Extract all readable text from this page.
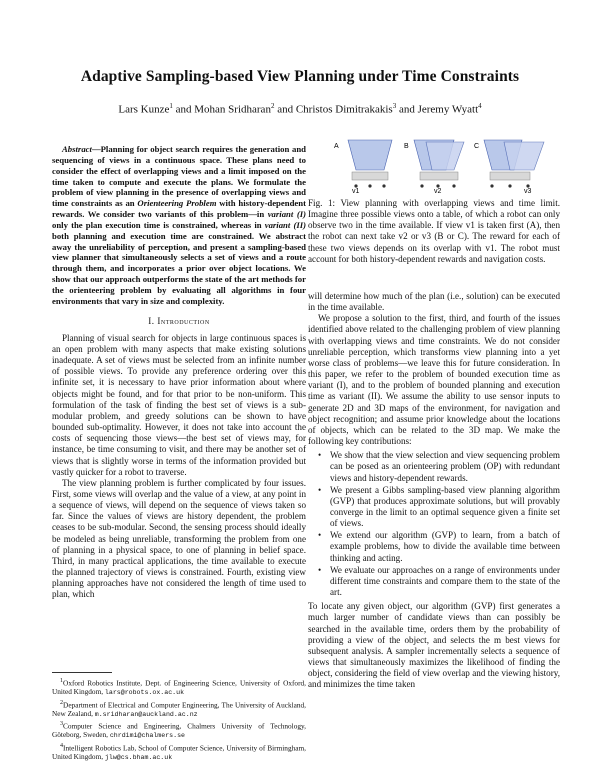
Adaptive Sampling-based View Planning under Time Constraints
Lars Kunze$^1$ and Mohan Sridharan$^2$ and Christos Dimitrakakis$^3$ and Jeremy Wyatt$^4$
Abstract—Planning for object search requires the generation and sequencing of views in a continuous space. These plans need to consider the effect of overlapping views and a limit imposed on the time taken to compute and execute the plans. We formulate the problem of view planning in the presence of overlapping views and time constraints as an Orienteering Problem with history-dependent rewards. We consider two variants of this problem—in variant (I) only the plan execution time is constrained, whereas in variant (II) both planning and execution time are constrained. We abstract away the unreliability of perception, and present a sampling-based view planner that simultaneously selects a set of views and a route through them, and incorporates a prior over object locations. We show that our approach outperforms the state of the art methods for the orienteering problem by evaluating all algorithms in four environments that vary in size and complexity.
I. Introduction

Planning of visual search for objects in large continuous spaces is an open problem with many aspects that make existing solutions inadequate. A set of views must be selected from an infinite number of possible views. To provide any preference ordering over this infinite set, it is necessary to have prior information about where objects might be found, and for that prior to be non-uniform. This formulation of the task of finding the best set of views is a sub-modular problem, and greedy solutions can be shown to have bounded sub-optimality. However, it does not take into account the costs of sequencing those views—the best set of views may, for instance, be time consuming to visit, and there may be another set of views that is slightly worse in terms of the information provided but vastly quicker for a robot to traverse.

The view planning problem is further complicated by four issues. First, some views will overlap and the value of a view, at any point in a sequence of views, will depend on the sequence of views taken so far. Since the values of views are history dependent, the problem ceases to be sub-modular. Second, the sensing process should ideally be modeled as being unreliable, transforming the problem from one of planning in a physical space, to one of planning in belief space. Third, in many practical applications, the time available to execute the planned trajectory of views is constrained. Fourth, existing view planning approaches have not considered the length of time used to plan, which

$^1$Oxford Robotics Institute, Dept. of Engineering Science, University of Oxford, United Kingdom, lars@robots.ox.ac.uk
$^2$Department of Electrical and Computer Engineering, The University of Auckland, New Zealand, m.sridharan@auckland.ac.nz
$^3$Computer Science and Engineering, Chalmers University of Technology, Göteborg, Sweden, chrdimi@chalmers.se
$^4$Intelligent Robotics Lab, School of Computer Science, University of Birmingham, United Kingdom, jlw@cs.bham.ac.uk
A
v1
B
v2
C
v3
Fig. 1: View planning with overlapping views and time limit. Imagine three possible views onto a table, of which a robot can only observe two in the time available. If view v1 is taken first (A), then the robot can next take v2 or v3 (B or C). The reward for each of these two views depends on its overlap with v1. The robot must account for both history-dependent rewards and navigation costs.

will determine how much of the plan (i.e., solution) can be executed in the time available.

We propose a solution to the first, third, and fourth of the issues identified above related to the challenging problem of view planning with overlapping views and time constraints. We do not consider unreliable perception, which transforms view planning into a yet worse class of problems—we leave this for future consideration. In this paper, we refer to the problem of bounded execution time as variant (I), and to the problem of bounded planning and execution time as variant (II). We assume the ability to use sensor inputs to generate 2D and 3D maps of the environment, for navigation and object recognition; and assume prior knowledge about the locations of objects, which can be related to the 3D map. We make the following key contributions:

• We show that the view selection and view sequencing problem can be posed as an orienteering problem (OP) with redundant views and history-dependent rewards.
• We present a Gibbs sampling-based view planning algorithm (GVP) that produces approximate solutions, but will provably converge in the limit to an optimal sequence given a finite set of views.
• We extend our algorithm (GVP) to learn, from a batch of example problems, how to divide the available time between thinking and acting.
• We evaluate our approaches on a range of environments under different time constraints and compare them to the state of the art.

To locate any given object, our algorithm (GVP) first generates a much larger number of candidate views than can possibly be searched in the available time, orders them by the probability of providing a view of the object, and selects the m best views for subsequent analysis. A sampler incrementally selects a sequence of views that simultaneously maximizes the likelihood of finding the object, considering the field of view overlap and the viewing history, and minimizes the time taken
